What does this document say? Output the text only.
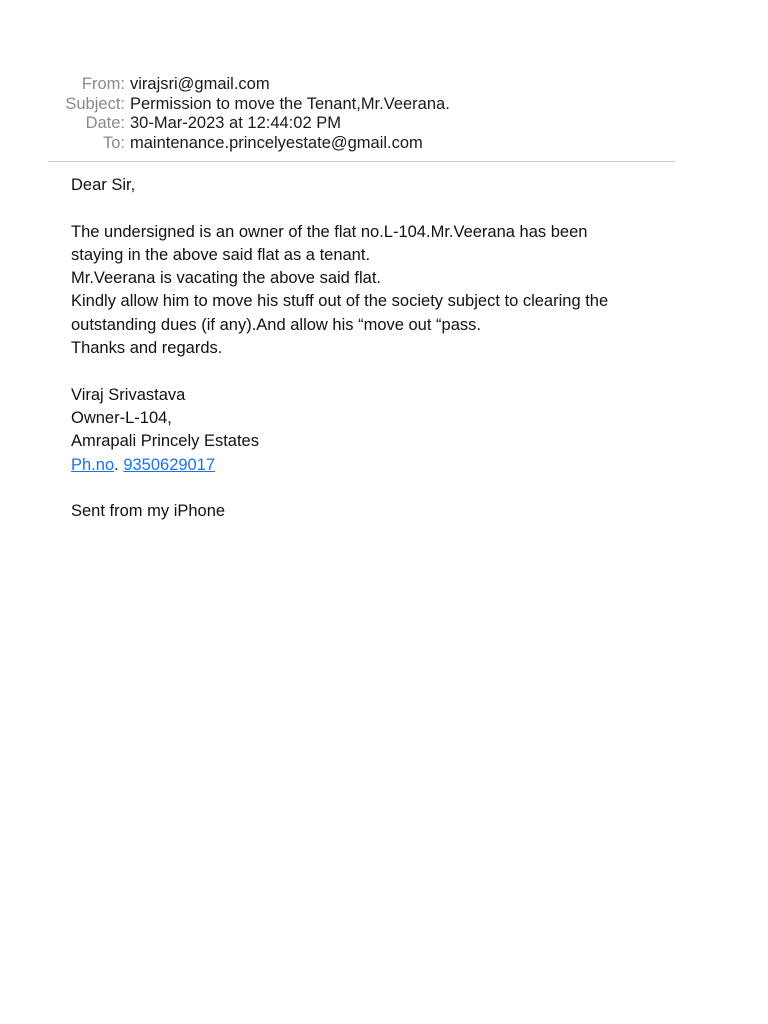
From: virajsri@gmail.com
Subject: Permission to move the Tenant,Mr.Veerana.
Date: 30-Mar-2023 at 12:44:02 PM
To: maintenance.princelyestate@gmail.com
Dear Sir,
The undersigned is an owner of the flat no.L-104.Mr.Veerana has been
staying in the above said flat as a tenant.
Mr.Veerana is vacating the above said flat.
Kindly allow him to move his stuff out of the society subject to clearing the
outstanding dues (if any).And allow his “move out “pass.
Thanks and regards.
Viraj Srivastava
Owner-L-104,
Amrapali Princely Estates
Ph.no. 9350629017
Sent from my iPhone
